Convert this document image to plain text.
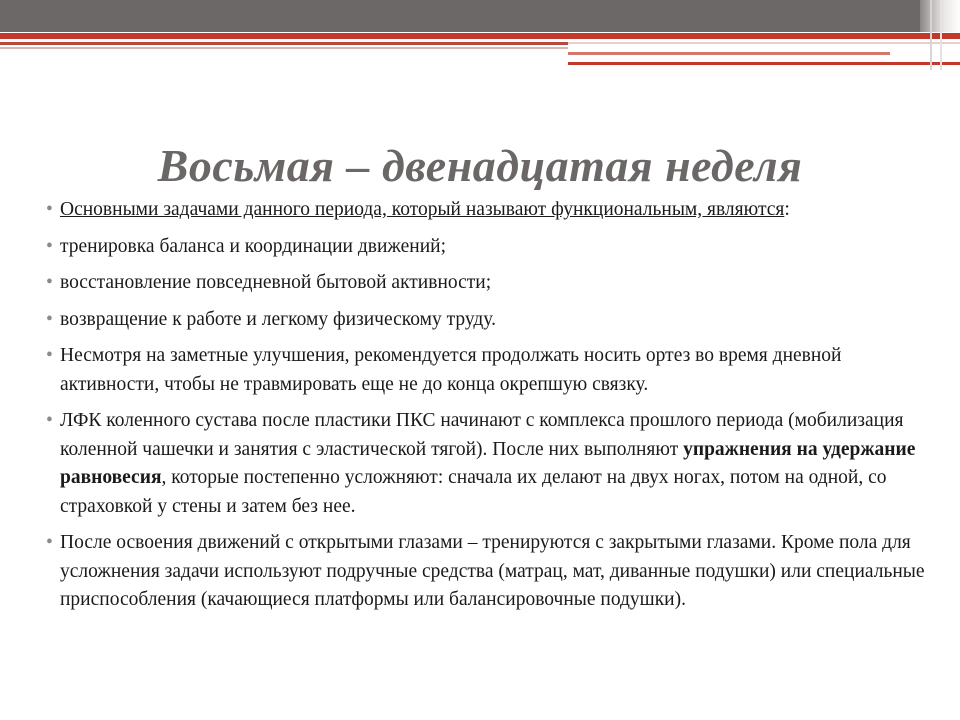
Восьмая – двенадцатая неделя
• Основными задачами данного периода, который называют функциональным, являются:
• тренировка баланса и координации движений;
• восстановление повседневной бытовой активности;
• возвращение к работе и легкому физическому труду.
• Несмотря на заметные улучшения, рекомендуется продолжать носить ортез во время дневной активности, чтобы не травмировать еще не до конца окрепшую связку.
• ЛФК коленного сустава после пластики ПКС начинают с комплекса прошлого периода (мобилизация коленной чашечки и занятия с эластической тягой). После них выполняют упражнения на удержание равновесия, которые постепенно усложняют: сначала их делают на двух ногах, потом на одной, со страховкой у стены и затем без нее.
• После освоения движений с открытыми глазами – тренируются с закрытыми глазами. Кроме пола для усложнения задачи используют подручные средства (матрац, мат, диванные подушки) или специальные приспособления (качающиеся платформы или балансировочные подушки).
